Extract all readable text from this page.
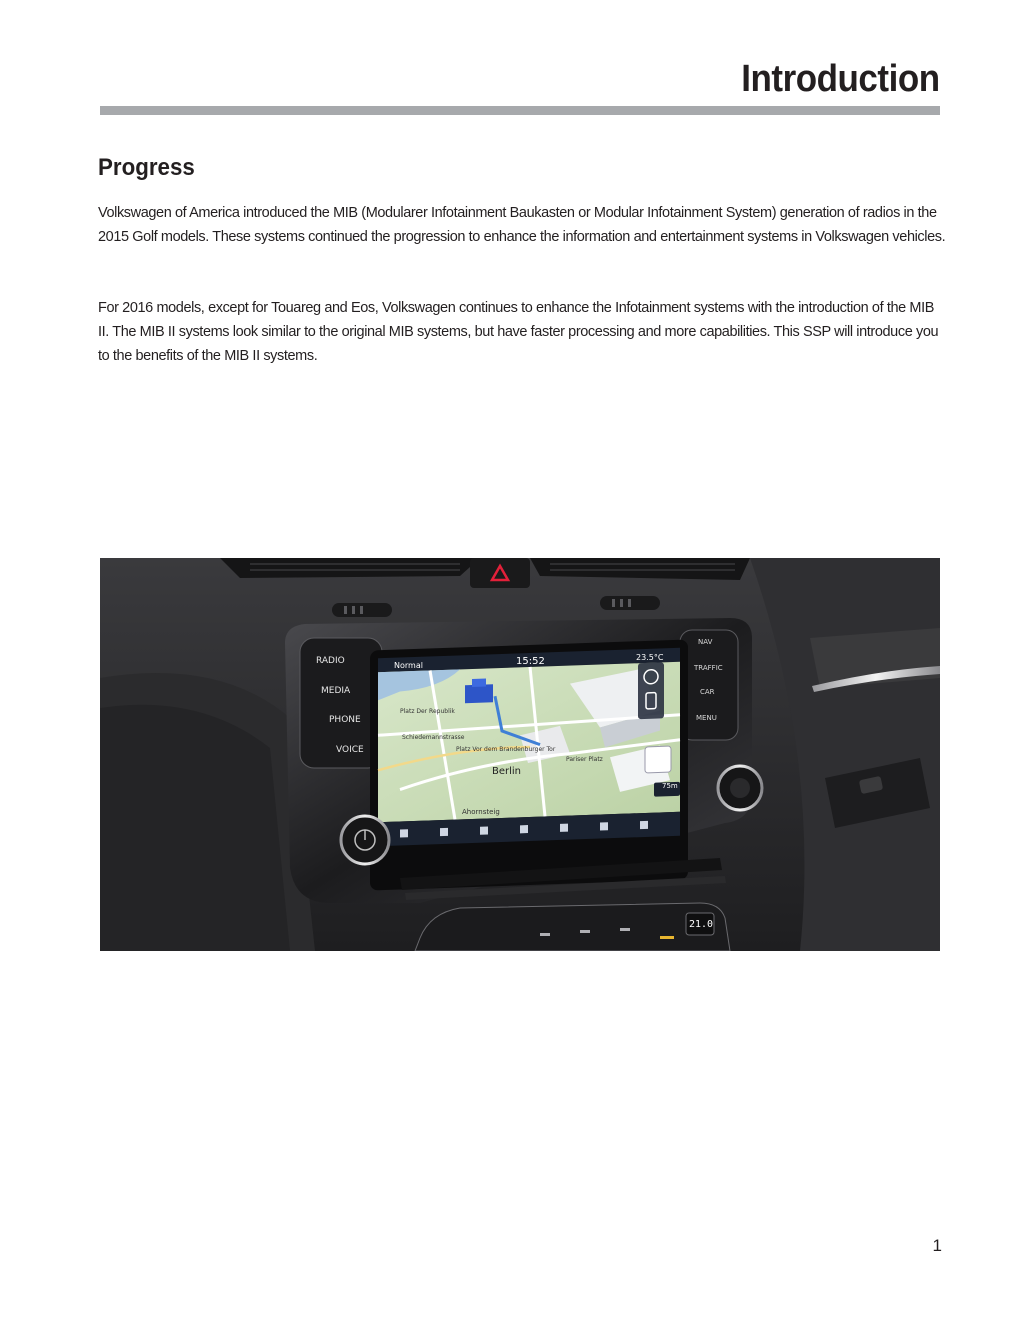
Introduction
Progress

Volkswagen of America introduced the MIB (Modularer Infotainment Baukasten or Modular Infotainment System) generation of radios in the 2015 Golf models. These systems continued the progression to enhance the information and entertainment systems in Volkswagen vehicles.

For 2016 models, except for Touareg and Eos, Volkswagen continues to enhance the Infotainment systems with the introduction of the MIB II. The MIB II systems look similar to the original MIB systems, but have faster processing and more capabilities. This SSP will introduce you to the benefits of the MIB II systems.

RADIO
MEDIA
PHONE
VOICE
NAV
TRAFFIC
CAR
MENU
Normal	15:52	23.5°C
Platz Der Republik
Schiedemannstrasse
Platz Vor dem Brandenburger Tor
Pariser Platz
Berlin
Ahornsteig
75m
21.0
1
